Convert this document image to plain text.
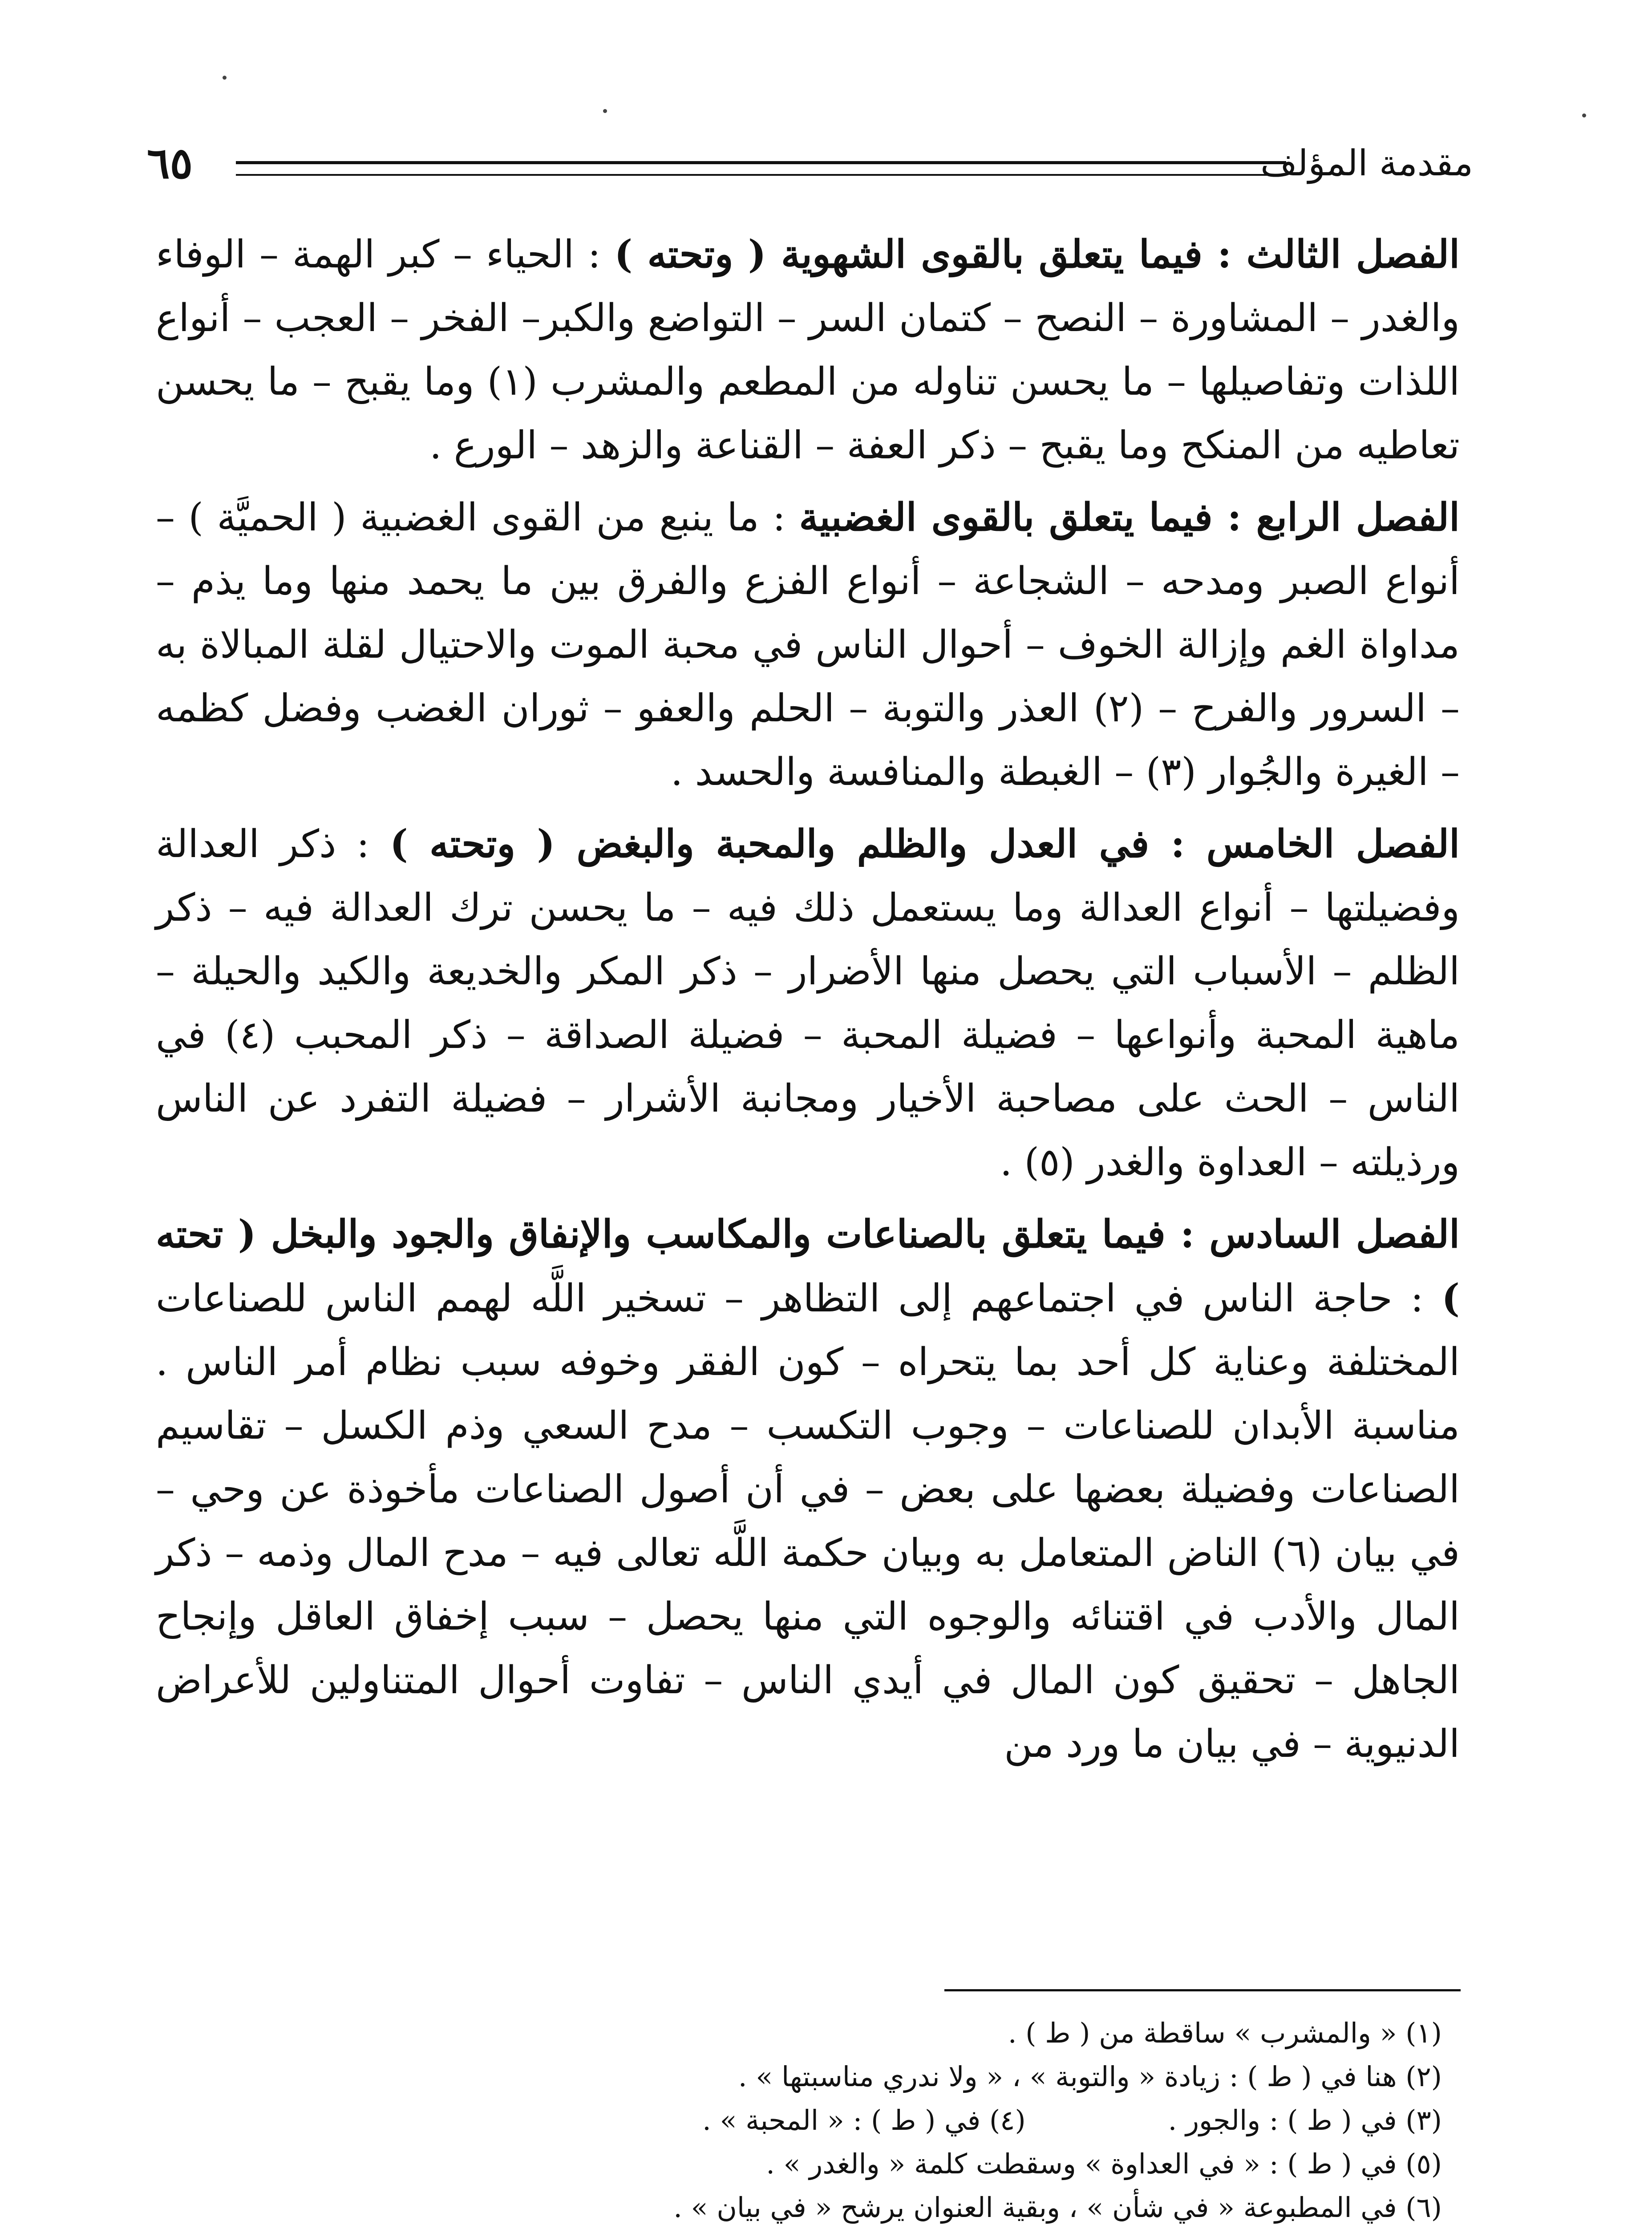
٦٥	مقدمة المؤلف

الفصل الثالث : فيما يتعلق بالقوى الشهوية ( وتحته ) : الحياء – كبر الهمة – الوفاء والغدر – المشاورة – النصح – كتمان السر – التواضع والكبر– الفخر – العجب – أنواع اللذات وتفاصيلها – ما يحسن تناوله من المطعم والمشرب (١) وما يقبح – ما يحسن تعاطيه من المنكح وما يقبح – ذكر العفة – القناعة والزهد – الورع .

الفصل الرابع : فيما يتعلق بالقوى الغضبية : ما ينبع من القوى الغضبية ( الحميَّة ) – أنواع الصبر ومدحه – الشجاعة – أنواع الفزع والفرق بين ما يحمد منها وما يذم – مداواة الغم وإزالة الخوف – أحوال الناس في محبة الموت والاحتيال لقلة المبالاة به – السرور والفرح – (٢) العذر والتوبة – الحلم والعفو – ثوران الغضب وفضل كظمه – الغيرة والجُوار (٣) – الغبطة والمنافسة والحسد .

الفصل الخامس : في العدل والظلم والمحبة والبغض ( وتحته ) : ذكر العدالة وفضيلتها – أنواع العدالة وما يستعمل ذلك فيه – ما يحسن ترك العدالة فيه – ذكر الظلم – الأسباب التي يحصل منها الأضرار – ذكر المكر والخديعة والكيد والحيلة – ماهية المحبة وأنواعها – فضيلة المحبة – فضيلة الصداقة – ذكر المحبب (٤) في الناس – الحث على مصاحبة الأخيار ومجانبة الأشرار – فضيلة التفرد عن الناس ورذيلته – العداوة والغدر (٥) .

الفصل السادس : فيما يتعلق بالصناعات والمكاسب والإنفاق والجود والبخل ( تحته ) : حاجة الناس في اجتماعهم إلى التظاهر – تسخير اللَّه لهمم الناس للصناعات المختلفة وعناية كل أحد بما يتحراه – كون الفقر وخوفه سبب نظام أمر الناس . مناسبة الأبدان للصناعات – وجوب التكسب – مدح السعي وذم الكسل – تقاسيم الصناعات وفضيلة بعضها على بعض – في أن أصول الصناعات مأخوذة عن وحي – في بيان (٦) الناض المتعامل به وبيان حكمة اللَّه تعالى فيه – مدح المال وذمه – ذكر المال والأدب في اقتنائه والوجوه التي منها يحصل – سبب إخفاق العاقل وإنجاح الجاهل – تحقيق كون المال في أيدي الناس – تفاوت أحوال المتناولين للأعراض الدنيوية – في بيان ما ورد من

(١) « والمشرب » ساقطة من ( ط ) .
(٢) هنا في ( ط ) : زيادة « والتوبة » ، « ولا ندري مناسبتها » .
(٣) في ( ط ) : والجور .
(٤) في ( ط ) : « المحبة » .
(٥) في ( ط ) : « في العداوة » وسقطت كلمة « والغدر » .
(٦) في المطبوعة « في شأن » ، وبقية العنوان يرشح « في بيان » .
